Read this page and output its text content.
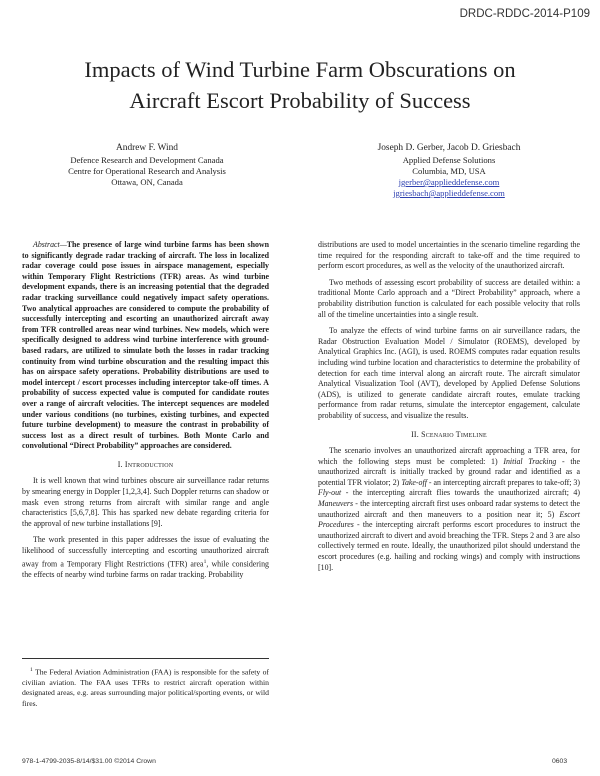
DRDC-RDDC-2014-P109
Impacts of Wind Turbine Farm Obscurations on
Aircraft Escort Probability of Success
Andrew F. Wind
Defence Research and Development Canada
Centre for Operational Research and Analysis
Ottawa, ON, Canada
Joseph D. Gerber, Jacob D. Griesbach
Applied Defense Solutions
Columbia, MD, USA
jgerber@applieddefense.com
jgriesbach@applieddefense.com

Abstract—The presence of large wind turbine farms has been shown to significantly degrade radar tracking of aircraft. The loss in localized radar coverage could pose issues in airspace management, especially within Temporary Flight Restrictions (TFR) areas. As wind turbine development expands, there is an increasing potential that the degraded radar tracking surveillance could negatively impact safety operations. Two analytical approaches are considered to compute the probability of successfully intercepting and escorting an unauthorized aircraft away from TFR controlled areas near wind turbines. New models, which were specifically designed to address wind turbine interference with ground-based radars, are utilized to simulate both the losses in radar tracking continuity from wind turbine obscuration and the resulting impact this has on airspace safety operations. Probability distributions are used to model intercept / escort processes including interceptor take-off times. A probability of success expected value is computed for candidate routes over a range of aircraft velocities. The intercept sequences are modeled under various conditions (no turbines, existing turbines, and expected future turbine development) to measure the contrast in probability of success lost as a direct result of turbines. Both Monte Carlo and convolutional “Direct Probability” approaches are considered.

I. Introduction

It is well known that wind turbines obscure air surveillance radar returns by smearing energy in Doppler [1,2,3,4]. Such Doppler returns can shadow or mask even strong returns from aircraft with similar range and angle characteristics [5,6,7,8]. This has sparked new debate regarding criteria for the approval of new turbine installations [9].

The work presented in this paper addresses the issue of evaluating the likelihood of successfully intercepting and escorting unauthorized aircraft away from a Temporary Flight Restrictions (TFR) area$^1$, while considering the effects of nearby wind turbine farms on radar tracking. Probability

$^1$ The Federal Aviation Administration (FAA) is responsible for the safety of civilian aviation. The FAA uses TFRs to restrict aircraft operation within designated areas, e.g. areas surrounding major political/sporting events, or wild fires.

distributions are used to model uncertainties in the scenario timeline regarding the time required for the responding aircraft to take-off and the time required to perform escort procedures, as well as the velocity of the unauthorized aircraft.

Two methods of assessing escort probability of success are detailed within: a traditional Monte Carlo approach and a “Direct Probability” approach, where a probability distribution function is calculated for each possible velocity that rolls all of the timeline uncertainties into a single result.

To analyze the effects of wind turbine farms on air surveillance radars, the Radar Obstruction Evaluation Model / Simulator (ROEMS), developed by Analytical Graphics Inc. (AGI), is used. ROEMS computes radar equation results including wind turbine location and characteristics to determine the probability of detection for each time interval along an aircraft route. The aircraft simulator Analytical Visualization Tool (AVT), developed by Applied Defense Solutions (ADS), is utilized to generate candidate aircraft routes, emulate tracking performance from radar returns, simulate the interceptor engagement, calculate probability of success, and visualize the results.

II. Scenario Timeline

The scenario involves an unauthorized aircraft approaching a TFR area, for which the following steps must be completed: 1) Initial Tracking - the unauthorized aircraft is initially tracked by ground radar and identified as a potential TFR violator; 2) Take-off - an intercepting aircraft prepares to take-off; 3) Fly-out - the intercepting aircraft flies towards the unauthorized aircraft; 4) Maneuvers - the intercepting aircraft first uses onboard radar systems to detect the unauthorized aircraft and then maneuvers to a position near it; 5) Escort Procedures - the intercepting aircraft performs escort procedures to instruct the unauthorized aircraft to divert and avoid breaching the TFR. Steps 2 and 3 are also collectively termed en route. Ideally, the unauthorized pilot should understand the escort procedures (e.g. hailing and rocking wings) and comply with instructions [10].

978-1-4799-2035-8/14/$31.00 ©2014 Crown	0603
